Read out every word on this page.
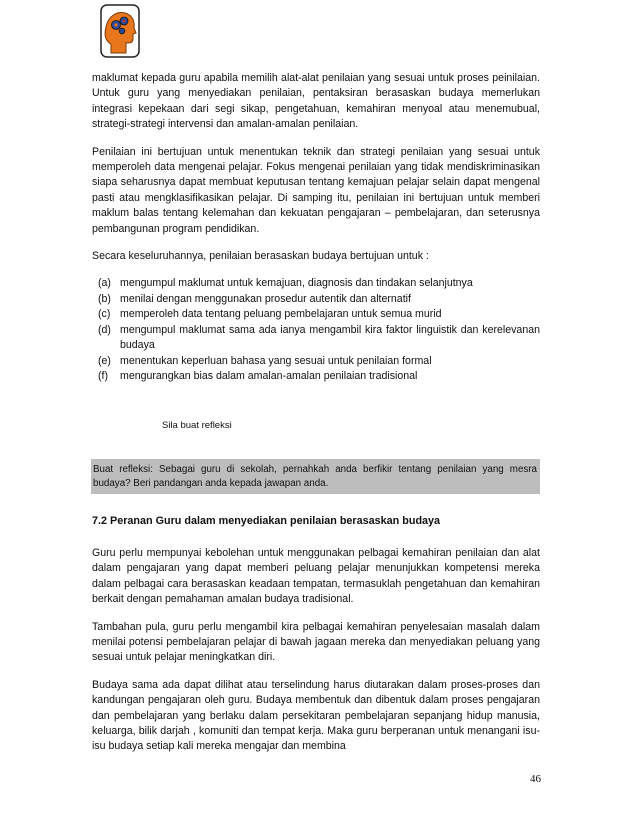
maklumat kepada guru apabila memilih alat-alat penilaian yang sesuai untuk proses peinilaian. Untuk guru yang menyediakan penilaian, pentaksiran berasaskan budaya memerlukan integrasi kepekaan dari segi sikap, pengetahuan, kemahiran menyoal atau menemubual, strategi-strategi intervensi dan amalan-amalan penilaian.

Penilaian ini bertujuan untuk menentukan teknik dan strategi penilaian yang sesuai untuk memperoleh data mengenai pelajar. Fokus mengenai penilaian yang tidak mendiskriminasikan siapa seharusnya dapat membuat keputusan tentang kemajuan pelajar selain dapat mengenal pasti atau mengklasifikasikan pelajar. Di samping itu, penilaian ini bertujuan untuk memberi maklum balas tentang kelemahan dan kekuatan pengajaran – pembelajaran, dan seterusnya pembangunan program pendidikan.

Secara keseluruhannya, penilaian berasaskan budaya bertujuan untuk :

(a) mengumpul maklumat untuk kemajuan, diagnosis dan tindakan selanjutnya
(b) menilai dengan menggunakan prosedur autentik dan alternatif
(c) memperoleh data tentang peluang pembelajaran untuk semua murid
(d) mengumpul maklumat sama ada ianya mengambil kira faktor linguistik dan kerelevanan budaya
(e) menentukan keperluan bahasa yang sesuai untuk penilaian formal
(f)	mengurangkan bias dalam amalan-amalan penilaian tradisional
Sila buat refleksi
Buat refleksi: Sebagai guru di sekolah, pernahkah anda berfikir tentang penilaian yang mesra budaya? Beri pandangan anda kepada jawapan anda.
7.2 Peranan Guru dalam menyediakan penilaian berasaskan budaya

Guru perlu mempunyai kebolehan untuk menggunakan pelbagai kemahiran penilaian dan alat dalam pengajaran yang dapat memberi peluang pelajar menunjukkan kompetensi mereka dalam pelbagai cara berasaskan keadaan tempatan, termasuklah pengetahuan dan kemahiran berkait dengan pemahaman amalan budaya tradisional.

Tambahan pula, guru perlu mengambil kira pelbagai kemahiran penyelesaian masalah dalam menilai potensi pembelajaran pelajar di bawah jagaan mereka dan menyediakan peluang yang sesuai untuk pelajar meningkatkan diri.

Budaya sama ada dapat dilihat atau terselindung harus diutarakan dalam proses-proses dan kandungan pengajaran oleh guru. Budaya membentuk dan dibentuk dalam proses pengajaran dan pembelajaran yang berlaku dalam persekitaran pembelajaran sepanjang hidup manusia, keluarga, bilik darjah , komuniti dan tempat kerja. Maka guru berperanan untuk menangani isu-isu budaya setiap kali mereka mengajar dan membina

46
